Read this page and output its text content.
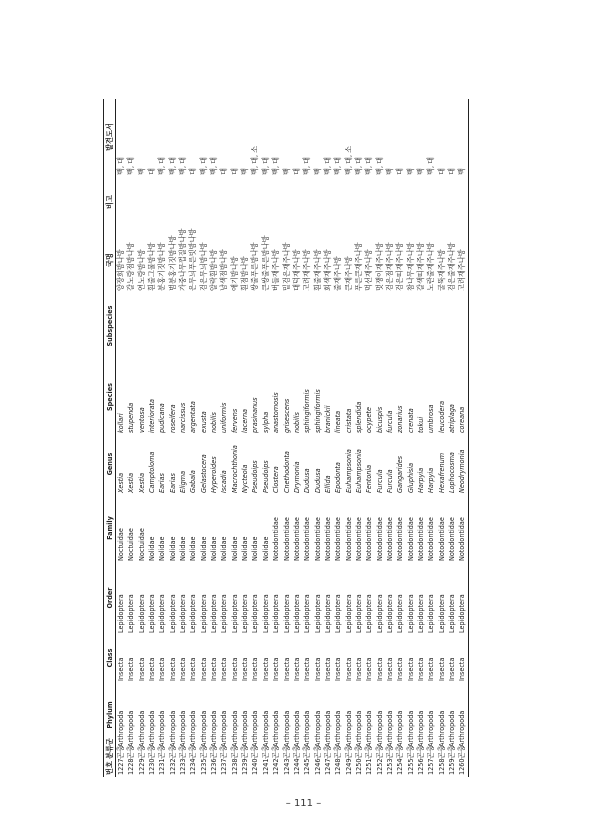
번호	분류군	Phylum	Class	Order	Family	Genus	Species	Subspecies	국명	비고	발견도서
1227	곤충	Arthropoda	Insecta	Lepidoptera	Noctuidae	Xestia	kollari		앙장희밤나방		백, 대
1228	곤충	Arthropoda	Insecta	Lepidoptera	Noctuidae	Xestia	stupenda		갈노랑점밤나방		백, 대
1229	곤충	Arthropoda	Insecta	Lepidoptera	Noctuidae	Xestia	ventosa		연노랑밤나방		백
1230	곤충	Arthropoda	Insecta	Lepidoptera	Nolidae	Camptoloma	interiorata		흰줄그물밤나방		대
1231	곤충	Arthropoda	Insecta	Lepidoptera	Nolidae	Earias	pudicana		분홍기짓밤나방		백, 대
1232	곤충	Arthropoda	Insecta	Lepidoptera	Nolidae	Earias	roseifera		범분홍기짓밤나방		백, 대
1233	곤충	Arthropoda	Insecta	Lepidoptera	Nolidae	Eligma	narcissus		가중나무껍질밤나방		백, 대
1234	곤충	Arthropoda	Insecta	Lepidoptera	Nolidae	Gabala	argentata		은무늬푸른빗밤나방		대
1235	곤충	Arthropoda	Insecta	Lepidoptera	Nolidae	Gelastocera	exusta		검은무늬밤나방		백, 대
1236	곤충	Arthropoda	Insecta	Lepidoptera	Nolidae	Hyperoides	nobilis		알락흰밤나방		백, 대
1237	곤충	Arthropoda	Insecta	Lepidoptera	Nolidae	Iscadia	uniformis		남색점밤나방		대
1238	곤충	Arthropoda	Insecta	Lepidoptera	Nolidae	Macrochthonia	fervens		애기밤나방		대
1239	곤충	Arthropoda	Insecta	Lepidoptera	Nolidae	Nycteola	lacerna		흰점밤나방		백
1240	곤충	Arthropoda	Insecta	Lepidoptera	Nolidae	Pseudoips	prasinanus		쌍줄푸른밤나방		백, 대, 소
1241	곤충	Arthropoda	Insecta	Lepidoptera	Nolidae	Pseudoips	sylpha		큰쌍줄푸른밤나방		백, 대
1242	곤충	Arthropoda	Insecta	Lepidoptera	Notodontidae	Clostera	anastomosis		버들재주나방		백, 대
1243	곤충	Arthropoda	Insecta	Lepidoptera	Notodontidae	Cnethodonta	grisescens		밑검은재주나방		백
1244	곤충	Arthropoda	Insecta	Lepidoptera	Notodontidae	Drymonia	nobilis		대덕재주나방		대
1245	곤충	Arthropoda	Insecta	Lepidoptera	Notodontidae	Dudusa	sphingiformis		고려재주나방		백, 대
1246	곤충	Arthropoda	Insecta	Lepidoptera	Notodontidae	Dudusa	sphingiformis		흰줄재주나방		백
1247	곤충	Arthropoda	Insecta	Lepidoptera	Notodontidae	Ellida	branickii		회색재주나방		백, 대
1248	곤충	Arthropoda	Insecta	Lepidoptera	Notodontidae	Epodonta	lineata		줄재주나방		백, 대
1249	곤충	Arthropoda	Insecta	Lepidoptera	Notodontidae	Euhampsonia	cristata		큰재주나방		백, 대, 소
1250	곤충	Arthropoda	Insecta	Lepidoptera	Notodontidae	Euhampsonia	splendida		푸른큰재주나방		백, 대
1251	곤충	Arthropoda	Insecta	Lepidoptera	Notodontidae	Fentonia	ocypete		먹선재주나방		백, 대
1252	곤충	Arthropoda	Insecta	Lepidoptera	Notodontidae	Furcula	bicuspis		멋쟁이재주나방		백, 대
1253	곤충	Arthropoda	Insecta	Lepidoptera	Notodontidae	Furcula	furcula		검은점재주나방		백
1254	곤충	Arthropoda	Insecta	Lepidoptera	Notodontidae	Gangarides	zonarius		검은띠재주나방		대
1255	곤충	Arthropoda	Insecta	Lepidoptera	Notodontidae	Gluphisia	crenata		참나무재주나방		백
1256	곤충	Arthropoda	Insecta	Lepidoptera	Notodontidae	Harpyia	tokui		갈색띠재주나방		백
1257	곤충	Arthropoda	Insecta	Lepidoptera	Notodontidae	Harpyia	umbrosa		노란줄재주나방		백, 대
1258	곤충	Arthropoda	Insecta	Lepidoptera	Notodontidae	Hexafrenum	leucodera		굴뚝재주나방		대
1259	곤충	Arthropoda	Insecta	Lepidoptera	Notodontidae	Lophocosma	atriplaga		검은줄재주나방		대
1260	곤충	Arthropoda	Insecta	Lepidoptera	Notodontidae	Neodrymonia	coreana		고려재주나방		백
– 111 –
